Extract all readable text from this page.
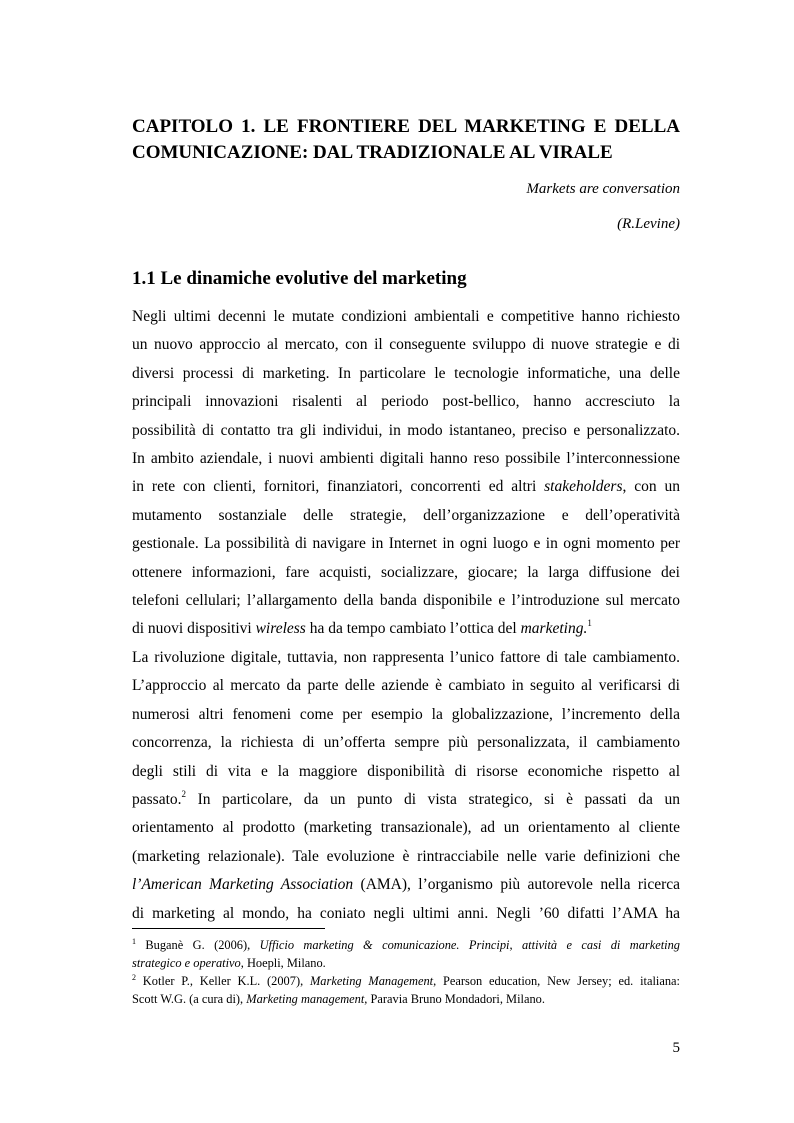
CAPITOLO 1. LE FRONTIERE DEL MARKETING E DELLA
COMUNICAZIONE: DAL TRADIZIONALE AL VIRALE

Markets are conversation

(R.Levine)

1.1 Le dinamiche evolutive del marketing
Negli ultimi decenni le mutate condizioni ambientali e competitive hanno richiesto
un nuovo approccio al mercato, con il conseguente sviluppo di nuove strategie e di
diversi processi di marketing. In particolare le tecnologie informatiche, una delle
principali innovazioni risalenti al periodo post-bellico, hanno accresciuto la
possibilità di contatto tra gli individui, in modo istantaneo, preciso e personalizzato.
In ambito aziendale, i nuovi ambienti digitali hanno reso possibile l’interconnessione
in rete con clienti, fornitori, finanziatori, concorrenti ed altri stakeholders, con un
mutamento sostanziale delle strategie, dell’organizzazione e dell’operatività
gestionale. La possibilità di navigare in Internet in ogni luogo e in ogni momento per
ottenere informazioni, fare acquisti, socializzare, giocare; la larga diffusione dei
telefoni cellulari; l’allargamento della banda disponibile e l’introduzione sul mercato
di nuovi dispositivi wireless ha da tempo cambiato l’ottica del marketing.$^1$
La rivoluzione digitale, tuttavia, non rappresenta l’unico fattore di tale cambiamento.
L’approccio al mercato da parte delle aziende è cambiato in seguito al verificarsi di
numerosi altri fenomeni come per esempio la globalizzazione, l’incremento della
concorrenza, la richiesta di un’offerta sempre più personalizzata, il cambiamento
degli stili di vita e la maggiore disponibilità di risorse economiche rispetto al
passato.$^2$ In particolare, da un punto di vista strategico, si è passati da un
orientamento al prodotto (marketing transazionale), ad un orientamento al cliente
(marketing relazionale). Tale evoluzione è rintracciabile nelle varie definizioni che
l’American Marketing Association (AMA), l’organismo più autorevole nella ricerca
di marketing al mondo, ha coniato negli ultimi anni. Negli ’60 difatti l’AMA ha
$^1$ Buganè G. (2006), Ufficio marketing & comunicazione. Principi, attività e casi di marketing
strategico e operativo, Hoepli, Milano.
$^2$ Kotler P., Keller K.L. (2007), Marketing Management, Pearson education, New Jersey; ed. italiana:
Scott W.G. (a cura di), Marketing management, Paravia Bruno Mondadori, Milano.
5
